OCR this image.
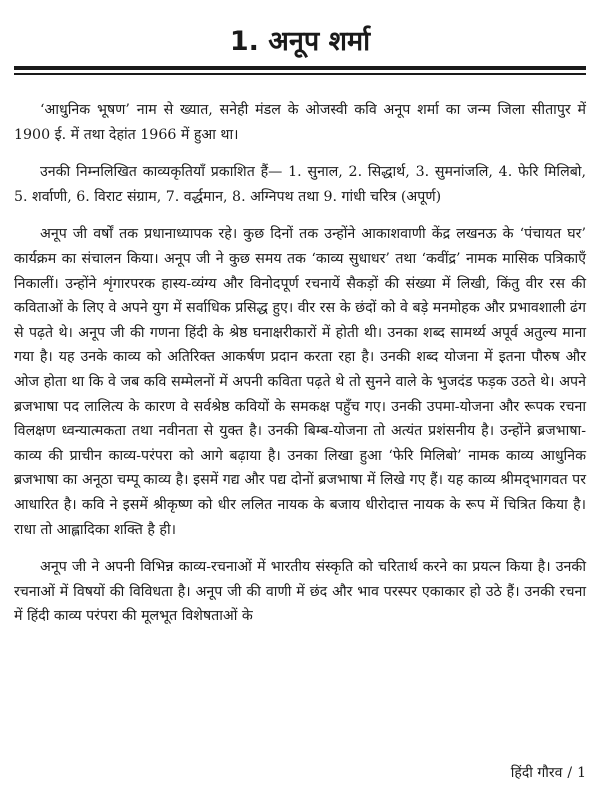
1. अनूप शर्मा

‘आधुनिक भूषण’ नाम से ख्यात, सनेही मंडल के ओजस्वी कवि अनूप शर्मा का जन्म जिला सीतापुर में 1900 ई. में तथा देहांत 1966 में हुआ था।

उनकी निम्नलिखित काव्यकृतियाँ प्रकाशित हैं— 1. सुनाल, 2. सिद्धार्थ, 3. सुमनांजलि, 4. फेरि मिलिबो, 5. शर्वाणी, 6. विराट संग्राम, 7. वर्द्धमान, 8. अग्निपथ तथा 9. गांधी चरित्र (अपूर्ण)

अनूप जी वर्षों तक प्रधानाध्यापक रहे। कुछ दिनों तक उन्होंने आकाशवाणी केंद्र लखनऊ के ‘पंचायत घर’ कार्यक्रम का संचालन किया। अनूप जी ने कुछ समय तक ‘काव्य सुधाधर’ तथा ‘कवींद्र’ नामक मासिक पत्रिकाएँ निकालीं। उन्होंने शृंगारपरक हास्य-व्यंग्य और विनोदपूर्ण रचनायें सैकड़ों की संख्या में लिखी, किंतु वीर रस की कविताओं के लिए वे अपने युग में सर्वाधिक प्रसिद्ध हुए। वीर रस के छंदों को वे बड़े मनमोहक और प्रभावशाली ढंग से पढ़ते थे। अनूप जी की गणना हिंदी के श्रेष्ठ घनाक्षरीकारों में होती थी। उनका शब्द सामर्थ्य अपूर्व अतुल्य माना गया है। यह उनके काव्य को अतिरिक्त आकर्षण प्रदान करता रहा है। उनकी शब्द योजना में इतना पौरुष और ओज होता था कि वे जब कवि सम्मेलनों में अपनी कविता पढ़ते थे तो सुनने वाले के भुजदंड फड़क उठते थे। अपने ब्रजभाषा पद लालित्य के कारण वे सर्वश्रेष्ठ कवियों के समकक्ष पहुँच गए। उनकी उपमा-योजना और रूपक रचना विलक्षण ध्वन्यात्मकता तथा नवीनता से युक्त है। उनकी बिम्ब-योजना तो अत्यंत प्रशंसनीय है। उन्होंने ब्रजभाषा-काव्य की प्राचीन काव्य-परंपरा को आगे बढ़ाया है। उनका लिखा हुआ ‘फेरि मिलिबो’ नामक काव्य आधुनिक ब्रजभाषा का अनूठा चम्पू काव्य है। इसमें गद्य और पद्य दोनों ब्रजभाषा में लिखे गए हैं। यह काव्य श्रीमद्‌भागवत पर आधारित है। कवि ने इसमें श्रीकृष्ण को धीर ललित नायक के बजाय धीरोदात्त नायक के रूप में चित्रित किया है। राधा तो आह्लादिका शक्ति है ही।

अनूप जी ने अपनी विभिन्न काव्य-रचनाओं में भारतीय संस्कृति को चरितार्थ करने का प्रयत्न किया है। उनकी रचनाओं में विषयों की विविधता है। अनूप जी की वाणी में छंद और भाव परस्पर एकाकार हो उठे हैं। उनकी रचना में हिंदी काव्य परंपरा की मूलभूत विशेषताओं के

हिंदी गौरव / 1
